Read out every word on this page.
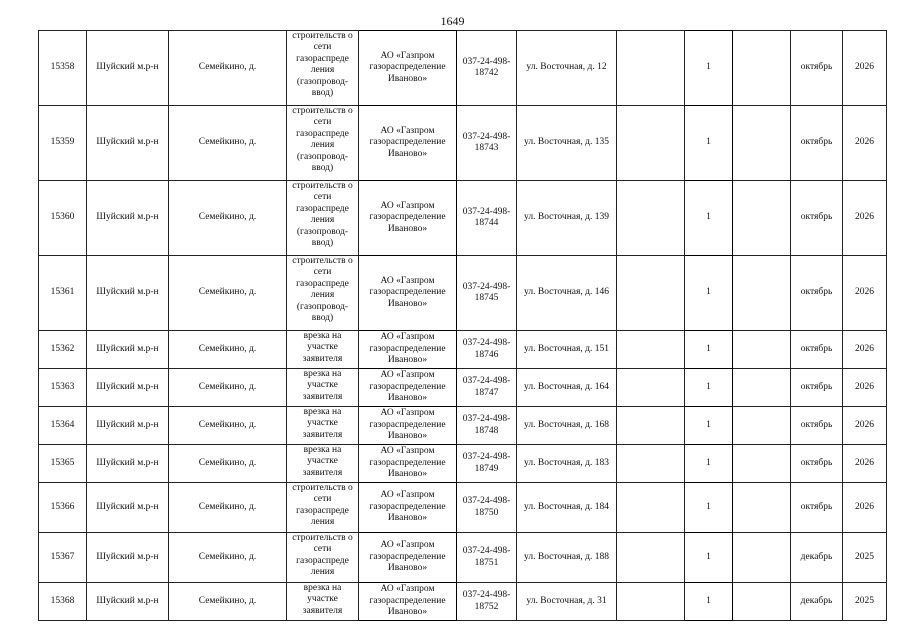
1649
15358	Шуйский м.р-н	Семейкино, д.	строительств о сети газораспреде ления (газопровод-ввод)	АО «Газпром газораспределение Иваново»	037-24-498-18742	ул. Восточная, д. 12		1		октябрь	2026
15359	Шуйский м.р-н	Семейкино, д.	строительств о сети газораспреде ления (газопровод-ввод)	АО «Газпром газораспределение Иваново»	037-24-498-18743	ул. Восточная, д. 135		1		октябрь	2026
15360	Шуйский м.р-н	Семейкино, д.	строительств о сети газораспреде ления (газопровод-ввод)	АО «Газпром газораспределение Иваново»	037-24-498-18744	ул. Восточная, д. 139		1		октябрь	2026
15361	Шуйский м.р-н	Семейкино, д.	строительств о сети газораспреде ления (газопровод-ввод)	АО «Газпром газораспределение Иваново»	037-24-498-18745	ул. Восточная, д. 146		1		октябрь	2026
15362	Шуйский м.р-н	Семейкино, д.	врезка на участке заявителя	АО «Газпром газораспределение Иваново»	037-24-498-18746	ул. Восточная, д. 151		1		октябрь	2026
15363	Шуйский м.р-н	Семейкино, д.	врезка на участке заявителя	АО «Газпром газораспределение Иваново»	037-24-498-18747	ул. Восточная, д. 164		1		октябрь	2026
15364	Шуйский м.р-н	Семейкино, д.	врезка на участке заявителя	АО «Газпром газораспределение Иваново»	037-24-498-18748	ул. Восточная, д. 168		1		октябрь	2026
15365	Шуйский м.р-н	Семейкино, д.	врезка на участке заявителя	АО «Газпром газораспределение Иваново»	037-24-498-18749	ул. Восточная, д. 183		1		октябрь	2026
15366	Шуйский м.р-н	Семейкино, д.	строительств о сети газораспреде ления	АО «Газпром газораспределение Иваново»	037-24-498-18750	ул. Восточная, д. 184		1		октябрь	2026
15367	Шуйский м.р-н	Семейкино, д.	строительств о сети газораспреде ления	АО «Газпром газораспределение Иваново»	037-24-498-18751	ул. Восточная, д. 188		1		декабрь	2025
15368	Шуйский м.р-н	Семейкино, д.	врезка на участке заявителя	АО «Газпром газораспределение Иваново»	037-24-498-18752	ул. Восточная, д. 31		1		декабрь	2025
